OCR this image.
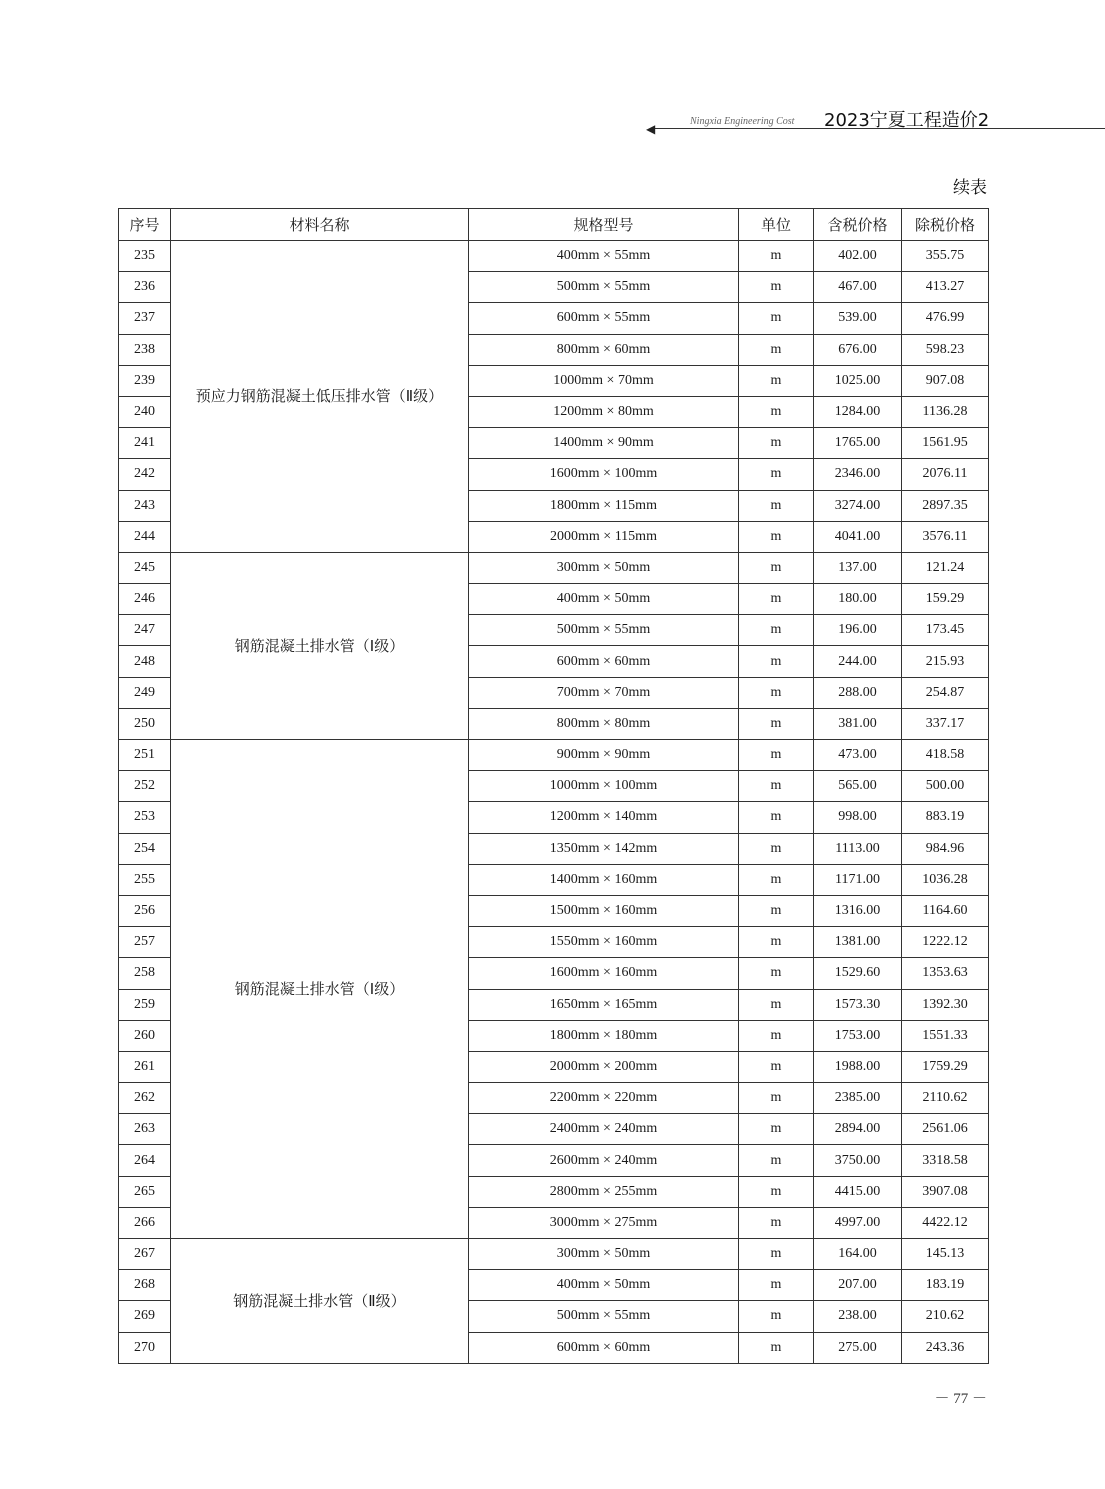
◀
Ningxia Engineering Cost 2023宁夏工程造价2
续表
序号	材料名称	规格型号	单位	含税价格	除税价格
235	预应力钢筋混凝土低压排水管（Ⅱ级）	400mm × 55mm	m	402.00	355.75
236		500mm × 55mm	m	467.00	413.27
237		600mm × 55mm	m	539.00	476.99
238		800mm × 60mm	m	676.00	598.23
239		1000mm × 70mm	m	1025.00	907.08
240		1200mm × 80mm	m	1284.00	1136.28
241		1400mm × 90mm	m	1765.00	1561.95
242		1600mm × 100mm	m	2346.00	2076.11
243		1800mm × 115mm	m	3274.00	2897.35
244		2000mm × 115mm	m	4041.00	3576.11
245	钢筋混凝土排水管（Ⅰ级）	300mm × 50mm	m	137.00	121.24
246		400mm × 50mm	m	180.00	159.29
247		500mm × 55mm	m	196.00	173.45
248		600mm × 60mm	m	244.00	215.93
249		700mm × 70mm	m	288.00	254.87
250		800mm × 80mm	m	381.00	337.17
251	钢筋混凝土排水管（Ⅰ级）	900mm × 90mm	m	473.00	418.58
252		1000mm × 100mm	m	565.00	500.00
253		1200mm × 140mm	m	998.00	883.19
254		1350mm × 142mm	m	1113.00	984.96
255		1400mm × 160mm	m	1171.00	1036.28
256		1500mm × 160mm	m	1316.00	1164.60
257		1550mm × 160mm	m	1381.00	1222.12
258		1600mm × 160mm	m	1529.60	1353.63
259		1650mm × 165mm	m	1573.30	1392.30
260		1800mm × 180mm	m	1753.00	1551.33
261		2000mm × 200mm	m	1988.00	1759.29
262		2200mm × 220mm	m	2385.00	2110.62
263		2400mm × 240mm	m	2894.00	2561.06
264		2600mm × 240mm	m	3750.00	3318.58
265		2800mm × 255mm	m	4415.00	3907.08
266		3000mm × 275mm	m	4997.00	4422.12
267	钢筋混凝土排水管（Ⅱ级）	300mm × 50mm	m	164.00	145.13
268		400mm × 50mm	m	207.00	183.19
269		500mm × 55mm	m	238.00	210.62
270		600mm × 60mm	m	275.00	243.36
－ 77 －
